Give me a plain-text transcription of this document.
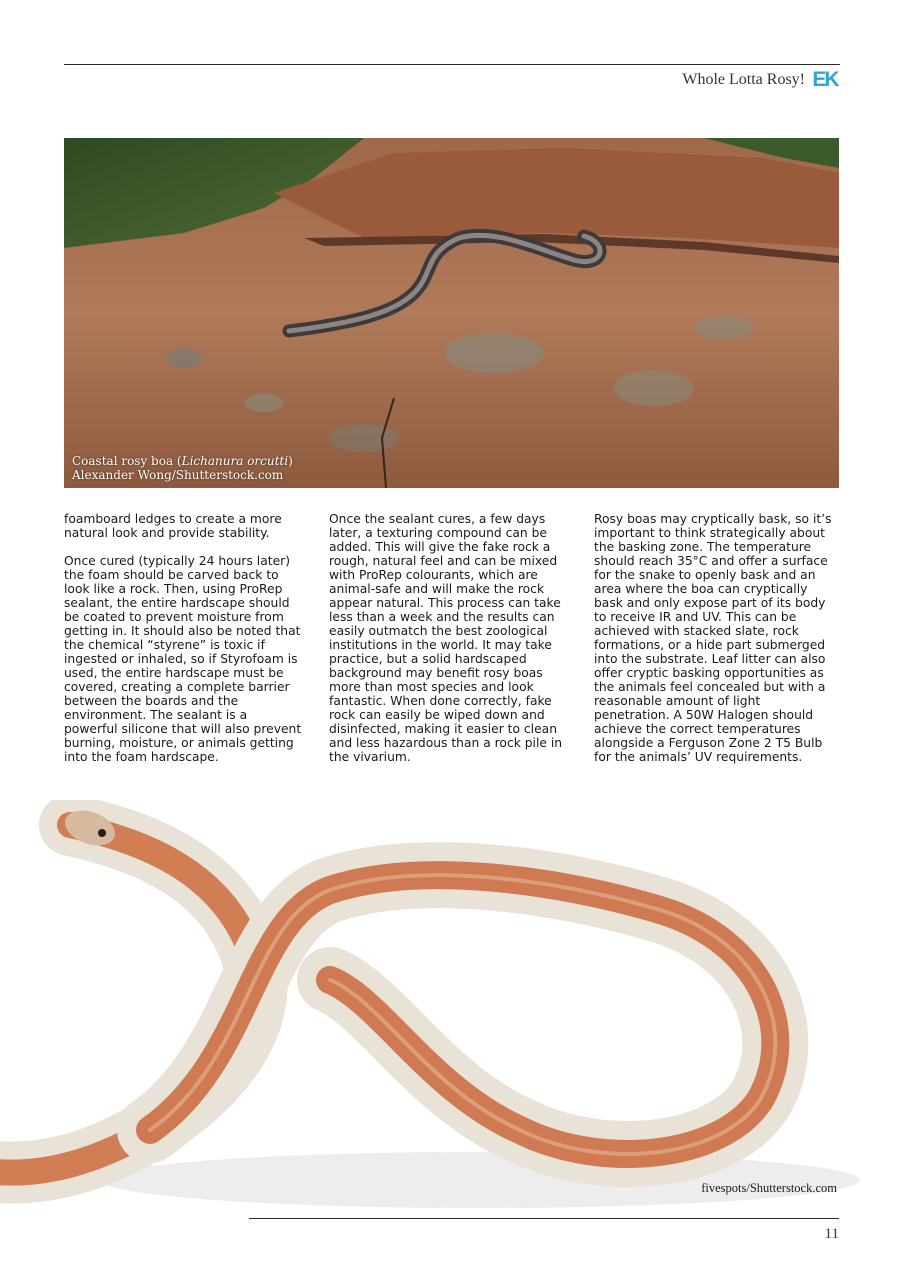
Whole Lotta Rosy! EK
Coastal rosy boa (Lichanura orcutti)
Alexander Wong/Shutterstock.com

foamboard ledges to create a more natural look and provide stability.

Once cured (typically 24 hours later) the foam should be carved back to look like a rock. Then, using ProRep sealant, the entire hardscape should be coated to prevent moisture from getting in. It should also be noted that the chemical “styrene” is toxic if ingested or inhaled, so if Styrofoam is used, the entire hardscape must be covered, creating a complete barrier between the boards and the environment. The sealant is a powerful silicone that will also prevent burning, moisture, or animals getting into the foam hardscape.

Once the sealant cures, a few days later, a texturing compound can be added. This will give the fake rock a rough, natural feel and can be mixed with ProRep colourants, which are animal-safe and will make the rock appear natural. This process can take less than a week and the results can easily outmatch the best zoological institutions in the world. It may take practice, but a solid hardscaped background may benefit rosy boas more than most species and look fantastic. When done correctly, fake rock can easily be wiped down and disinfected, making it easier to clean and less hazardous than a rock pile in the vivarium.

Rosy boas may cryptically bask, so it’s important to think strategically about the basking zone. The temperature should reach 35°C and offer a surface for the snake to openly bask and an area where the boa can cryptically bask and only expose part of its body to receive IR and UV. This can be achieved with stacked slate, rock formations, or a hide part submerged into the substrate. Leaf litter can also offer cryptic basking opportunities as the animals feel concealed but with a reasonable amount of light penetration. A 50W Halogen should achieve the correct temperatures alongside a Ferguson Zone 2 T5 Bulb for the animals’ UV requirements.

fivespots/Shutterstock.com
11
